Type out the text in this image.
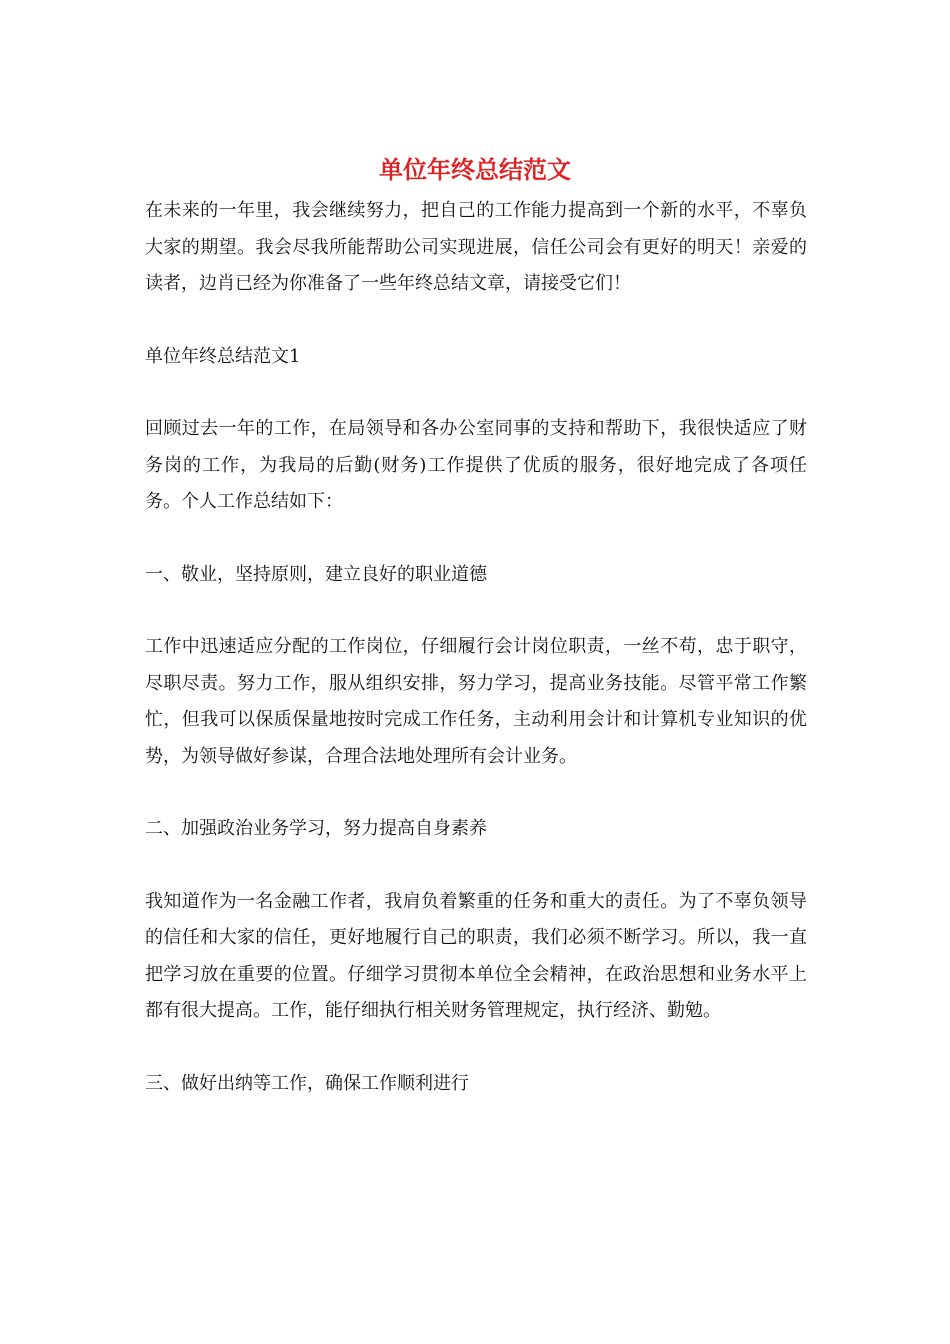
单位年终总结范文

在未来的一年里，我会继续努力，把自己的工作能力提高到一个新的水平，不辜负大家的期望。我会尽我所能帮助公司实现进展，信任公司会有更好的明天！亲爱的读者，边肖已经为你准备了一些年终总结文章，请接受它们！

单位年终总结范文1

回顾过去一年的工作，在局领导和各办公室同事的支持和帮助下，我很快适应了财务岗的工作，为我局的后勤(财务)工作提供了优质的服务，很好地完成了各项任务。个人工作总结如下：

一、敬业，坚持原则，建立良好的职业道德

工作中迅速适应分配的工作岗位，仔细履行会计岗位职责，一丝不苟，忠于职守，尽职尽责。努力工作，服从组织安排，努力学习，提高业务技能。尽管平常工作繁忙，但我可以保质保量地按时完成工作任务，主动利用会计和计算机专业知识的优势，为领导做好参谋，合理合法地处理所有会计业务。

二、加强政治业务学习，努力提高自身素养

我知道作为一名金融工作者，我肩负着繁重的任务和重大的责任。为了不辜负领导的信任和大家的信任，更好地履行自己的职责，我们必须不断学习。所以，我一直把学习放在重要的位置。仔细学习贯彻本单位全会精神，在政治思想和业务水平上都有很大提高。工作，能仔细执行相关财务管理规定，执行经济、勤勉。

三、做好出纳等工作，确保工作顺利进行
